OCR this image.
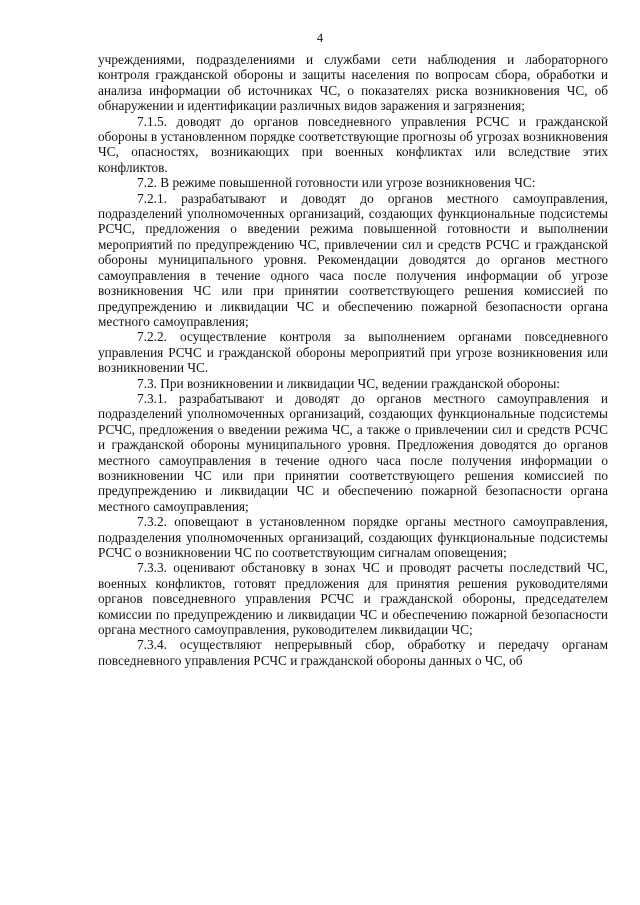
4

учреждениями, подразделениями и службами сети наблюдения и лабораторного контроля гражданской обороны и защиты населения по вопросам сбора, обработки и анализа информации об источниках ЧС, о показателях риска возникновения ЧС, об обнаружении и идентификации различных видов заражения и загрязнения;

7.1.5. доводят до органов повседневного управления РСЧС и гражданской обороны в установленном порядке соответствующие прогнозы об угрозах возникновения ЧС, опасностях, возникающих при военных конфликтах или вследствие этих конфликтов.

7.2. В режиме повышенной готовности или угрозе возникновения ЧС:

7.2.1. разрабатывают и доводят до органов местного самоуправления, подразделений уполномоченных организаций, создающих функциональные подсистемы РСЧС, предложения о введении режима повышенной готовности и выполнении мероприятий по предупреждению ЧС, привлечении сил и средств РСЧС и гражданской обороны муниципального уровня. Рекомендации доводятся до органов местного самоуправления в течение одного часа после получения информации об угрозе возникновения ЧС или при принятии соответствующего решения комиссией по предупреждению и ликвидации ЧС и обеспечению пожарной безопасности органа местного самоуправления;

7.2.2. осуществление контроля за выполнением органами повседневного управления РСЧС и гражданской обороны мероприятий при угрозе возникновения или возникновении ЧС.

7.3. При возникновении и ликвидации ЧС, ведении гражданской обороны:

7.3.1. разрабатывают и доводят до органов местного самоуправления и подразделений уполномоченных организаций, создающих функциональные подсистемы РСЧС, предложения о введении режима ЧС, а также о привлечении сил и средств РСЧС и гражданской обороны муниципального уровня. Предложения доводятся до органов местного самоуправления в течение одного часа после получения информации о возникновении ЧС или при принятии соответствующего решения комиссией по предупреждению и ликвидации ЧС и обеспечению пожарной безопасности органа местного самоуправления;

7.3.2. оповещают в установленном порядке органы местного самоуправления, подразделения уполномоченных организаций, создающих функциональные подсистемы РСЧС о возникновении ЧС по соответствующим сигналам оповещения;

7.3.3. оценивают обстановку в зонах ЧС и проводят расчеты последствий ЧС, военных конфликтов, готовят предложения для принятия решения руководителями органов повседневного управления РСЧС и гражданской обороны, председателем комиссии по предупреждению и ликвидации ЧС и обеспечению пожарной безопасности органа местного самоуправления, руководителем ликвидации ЧС;

7.3.4. осуществляют непрерывный сбор, обработку и передачу органам повседневного управления РСЧС и гражданской обороны данных о ЧС, об
